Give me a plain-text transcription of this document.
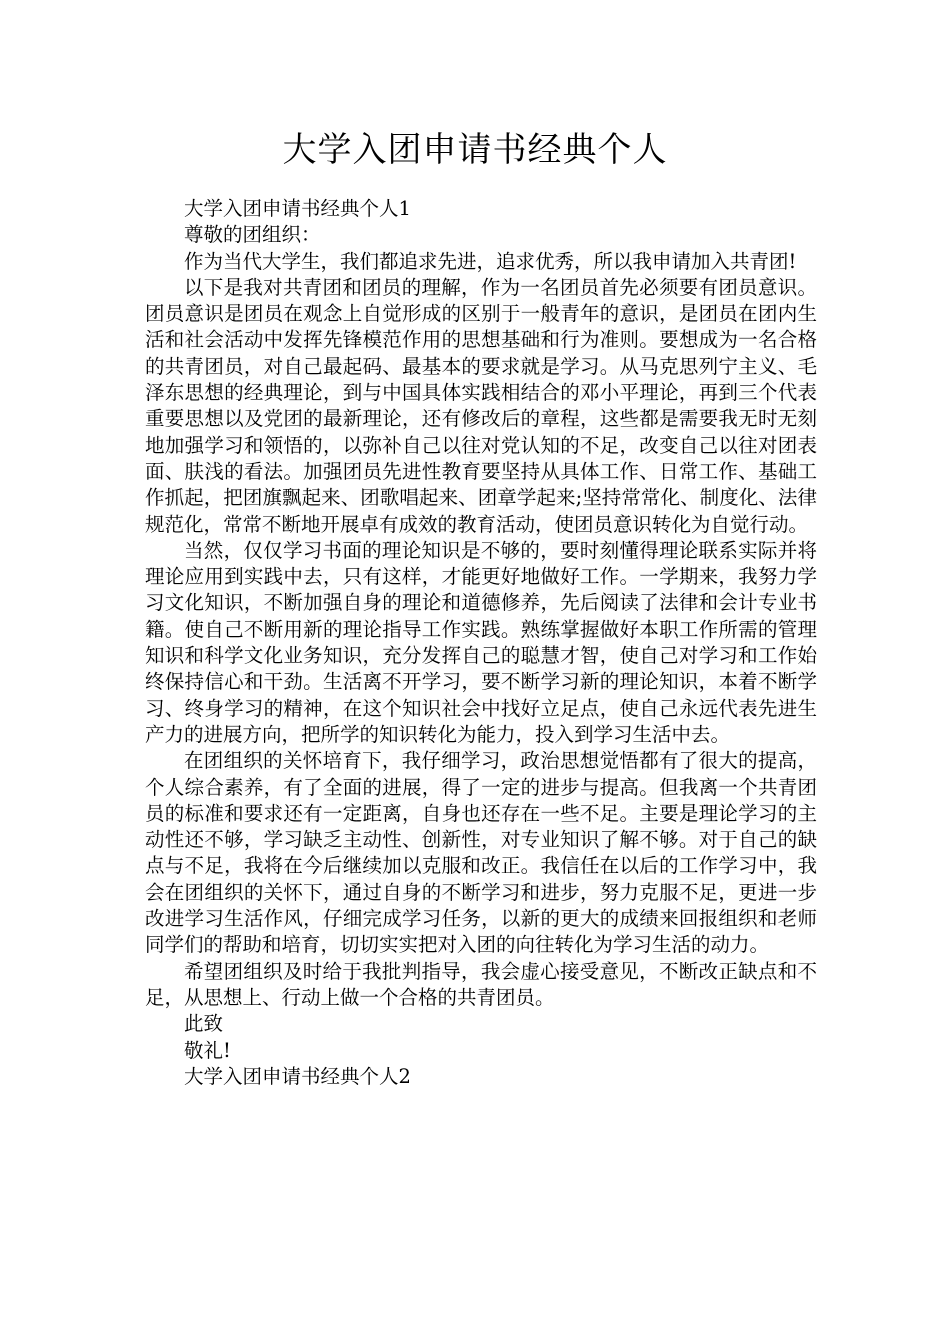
大学入团申请书经典个人

大学入团申请书经典个人1

尊敬的团组织：

作为当代大学生，我们都追求先进，追求优秀，所以我申请加入共青团!

以下是我对共青团和团员的理解，作为一名团员首先必须要有团员意识。团员意识是团员在观念上自觉形成的区别于一般青年的意识，是团员在团内生活和社会活动中发挥先锋模范作用的思想基础和行为准则。要想成为一名合格的共青团员，对自己最起码、最基本的要求就是学习。从马克思列宁主义、毛泽东思想的经典理论，到与中国具体实践相结合的邓小平理论，再到三个代表重要思想以及党团的最新理论，还有修改后的章程，这些都是需要我无时无刻地加强学习和领悟的，以弥补自己以往对党认知的不足，改变自己以往对团表面、肤浅的看法。加强团员先进性教育要坚持从具体工作、日常工作、基础工作抓起，把团旗飘起来、团歌唱起来、团章学起来;坚持常常化、制度化、法律规范化，常常不断地开展卓有成效的教育活动，使团员意识转化为自觉行动。

当然，仅仅学习书面的理论知识是不够的，要时刻懂得理论联系实际并将理论应用到实践中去，只有这样，才能更好地做好工作。一学期来，我努力学习文化知识，不断加强自身的理论和道德修养，先后阅读了法律和会计专业书籍。使自己不断用新的理论指导工作实践。熟练掌握做好本职工作所需的管理知识和科学文化业务知识，充分发挥自己的聪慧才智，使自己对学习和工作始终保持信心和干劲。生活离不开学习，要不断学习新的理论知识，本着不断学习、终身学习的精神，在这个知识社会中找好立足点，使自己永远代表先进生产力的进展方向，把所学的知识转化为能力，投入到学习生活中去。

在团组织的关怀培育下，我仔细学习，政治思想觉悟都有了很大的提高，个人综合素养，有了全面的进展，得了一定的进步与提高。但我离一个共青团员的标准和要求还有一定距离，自身也还存在一些不足。主要是理论学习的主动性还不够，学习缺乏主动性、创新性，对专业知识了解不够。对于自己的缺点与不足，我将在今后继续加以克服和改正。我信任在以后的工作学习中，我会在团组织的关怀下，通过自身的不断学习和进步，努力克服不足，更进一步改进学习生活作风，仔细完成学习任务，以新的更大的成绩来回报组织和老师同学们的帮助和培育，切切实实把对入团的向往转化为学习生活的动力。

希望团组织及时给于我批判指导，我会虚心接受意见，不断改正缺点和不足，从思想上、行动上做一个合格的共青团员。

此致

敬礼!

大学入团申请书经典个人2
